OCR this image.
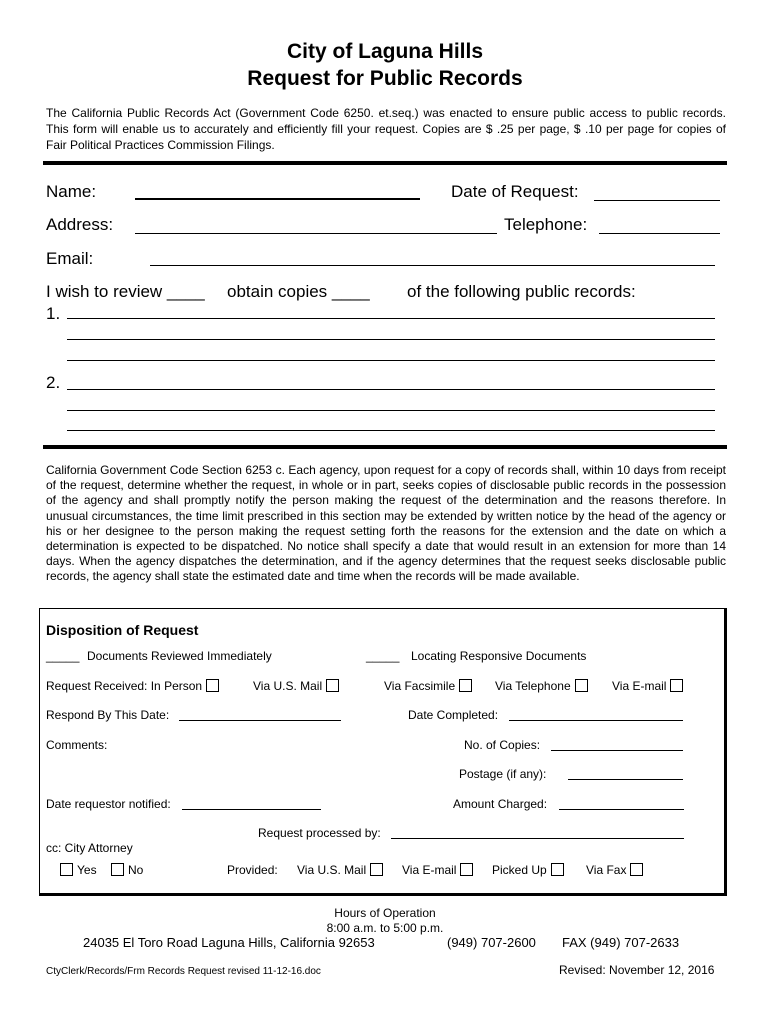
City of Laguna Hills
Request for Public Records
The California Public Records Act (Government Code 6250. et.seq.) was enacted to ensure public access to public records. This form will enable us to accurately and efficiently fill your request. Copies are $ .25 per page, $ .10 per page for copies of Fair Political Practices Commission Filings.
Name:	Date of Request:
Address:	Telephone:
Email:
I wish to review ____ obtain copies ____ of the following public records:
1.
2.
California Government Code Section 6253 c. Each agency, upon request for a copy of records shall, within 10 days from receipt of the request, determine whether the request, in whole or in part, seeks copies of disclosable public records in the possession of the agency and shall promptly notify the person making the request of the determination and the reasons therefore. In unusual circumstances, the time limit prescribed in this section may be extended by written notice by the head of the agency or his or her designee to the person making the request setting forth the reasons for the extension and the date on which a determination is expected to be dispatched. No notice shall specify a date that would result in an extension for more than 14 days. When the agency dispatches the determination, and if the agency determines that the request seeks disclosable public records, the agency shall state the estimated date and time when the records will be made available.
Disposition of Request
_____ Documents Reviewed Immediately	_____ Locating Responsive Documents
Request Received: In Person	Via U.S. Mail	Via Facsimile	Via Telephone	Via E-mail
Respond By This Date:	Date Completed:
Comments:	No. of Copies:
Postage (if any):
Date requestor notified:	Amount Charged:
Request processed by:
cc: City Attorney
Yes	No	Provided: Via U.S. Mail	Via E-mail	Picked Up	Via Fax
Hours of Operation
8:00 a.m. to 5:00 p.m.
24035 El Toro Road Laguna Hills, California 92653	(949) 707-2600 FAX (949) 707-2633
CtyClerk/Records/Frm Records Request revised 11-12-16.doc	Revised: November 12, 2016
